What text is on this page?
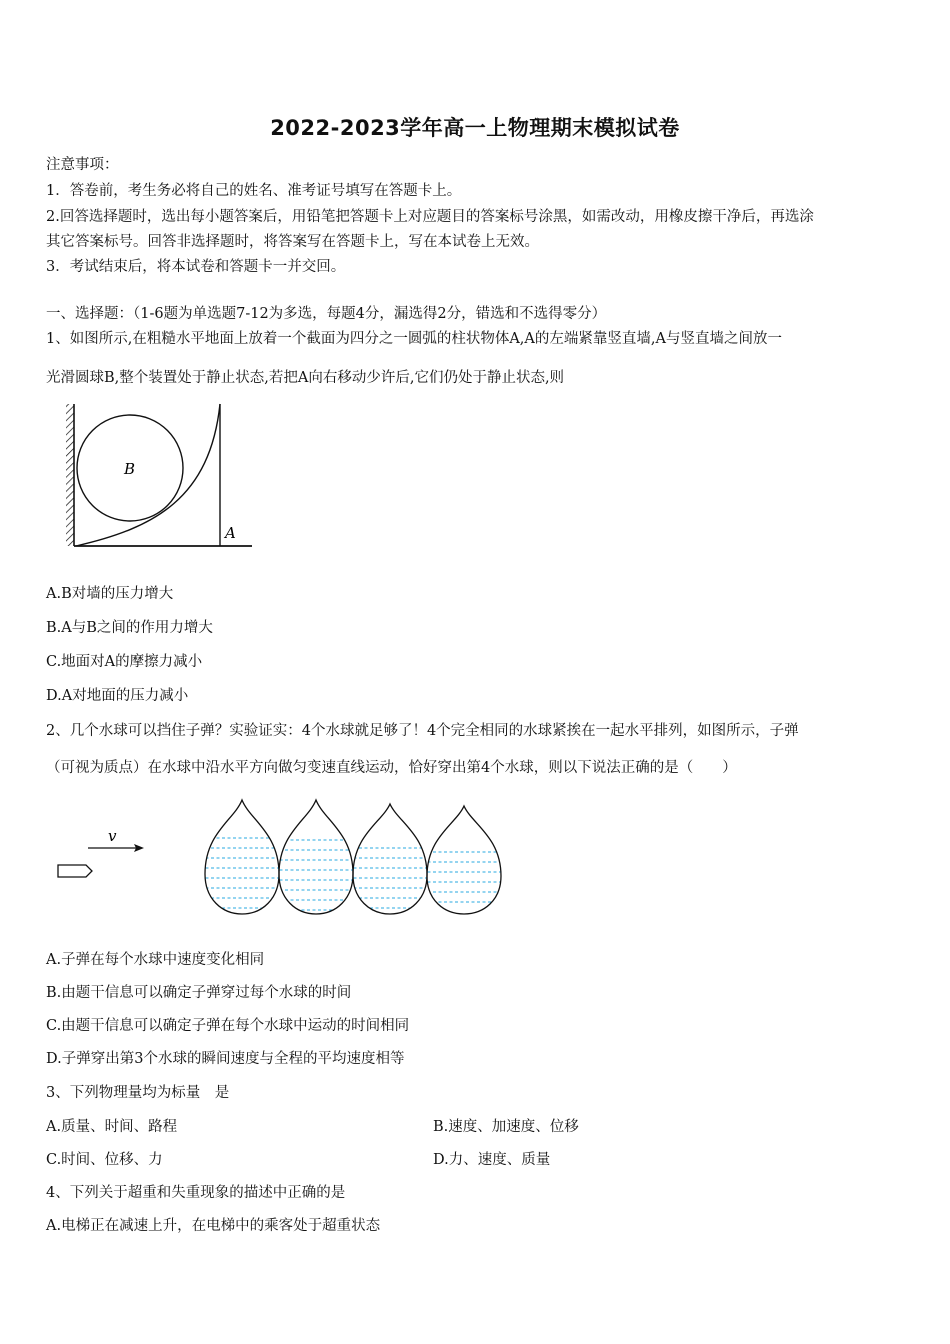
2022-2023学年高一上物理期末模拟试卷
注意事项：
1．答卷前，考生务必将自己的姓名、准考证号填写在答题卡上。
2.回答选择题时，选出每小题答案后，用铅笔把答题卡上对应题目的答案标号涂黑，如需改动，用橡皮擦干净后，再选涂
其它答案标号。回答非选择题时，将答案写在答题卡上，写在本试卷上无效。
3．考试结束后，将本试卷和答题卡一并交回。
一、选择题：（1-6题为单选题7-12为多选，每题4分，漏选得2分，错选和不选得零分）
1、如图所示,在粗糙水平地面上放着一个截面为四分之一圆弧的柱状物体A,A的左端紧靠竖直墙,A与竖直墙之间放一
光滑圆球B,整个装置处于静止状态,若把A向右移动少许后,它们仍处于静止状态,则
B
A
A.B对墙的压力增大
B.A与B之间的作用力增大
C.地面对A的摩擦力减小
D.A对地面的压力减小
2、几个水球可以挡住子弹？实验证实：4个水球就足够了！4个完全相同的水球紧挨在一起水平排列，如图所示，子弹
（可视为质点）在水球中沿水平方向做匀变速直线运动，恰好穿出第4个水球，则以下说法正确的是（　　）
v
A.子弹在每个水球中速度变化相同
B.由题干信息可以确定子弹穿过每个水球的时间
C.由题干信息可以确定子弹在每个水球中运动的时间相同
D.子弹穿出第3个水球的瞬间速度与全程的平均速度相等
3、下列物理量均为标量　是
A.质量、时间、路程	B.速度、加速度、位移
C.时间、位移、力	D.力、速度、质量
4、下列关于超重和失重现象的描述中正确的是
A.电梯正在减速上升，在电梯中的乘客处于超重状态
